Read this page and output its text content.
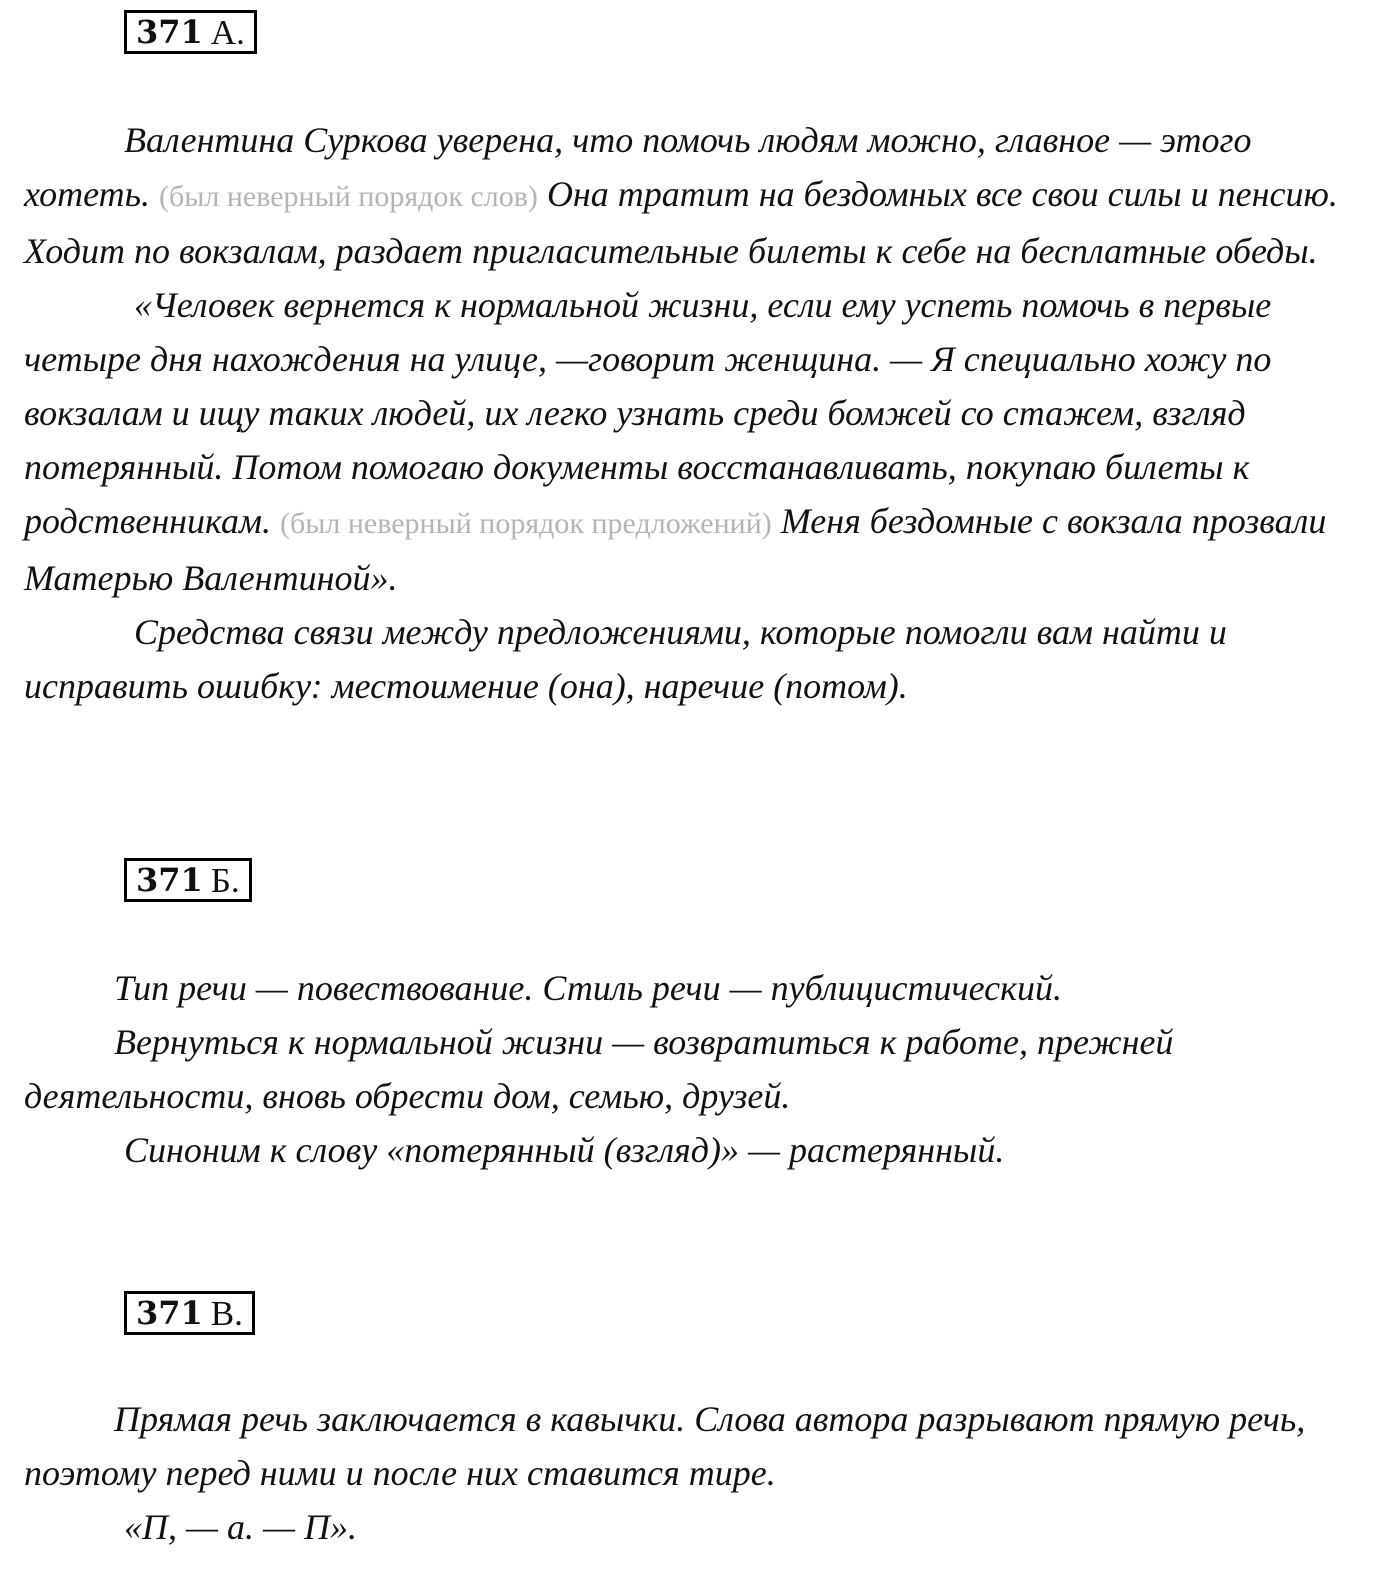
371 А.

Валентина Суркова уверена, что помочь людям можно, главное — этого хотеть. (был неверный порядок слов) Она тратит на бездомных все свои силы и пенсию. Ходит по вокзалам, раздает пригласительные билеты к себе на бесплатные обеды.

«Человек вернется к нормальной жизни, если ему успеть помочь в первые четыре дня нахождения на улице, —говорит женщина. — Я специально хожу по вокзалам и ищу таких людей, их легко узнать среди бомжей со стажем, взгляд потерянный. Потом помогаю документы восстанавливать, покупаю билеты к родственникам. (был неверный порядок предложений) Меня бездомные с вокзала прозвали Матерью Валентиной».

Средства связи между предложениями, которые помогли вам найти и исправить ошибку: местоимение (она), наречие (потом).

371 Б.

Тип речи — повествование. Стиль речи — публицистический.

Вернуться к нормальной жизни — возвратиться к работе, прежней деятельности, вновь обрести дом, семью, друзей.

Синоним к слову «потерянный (взгляд)» — растерянный.

371 В.

Прямая речь заключается в кавычки. Слова автора разрывают прямую речь, поэтому перед ними и после них ставится тире.

«П, — а. — П».
